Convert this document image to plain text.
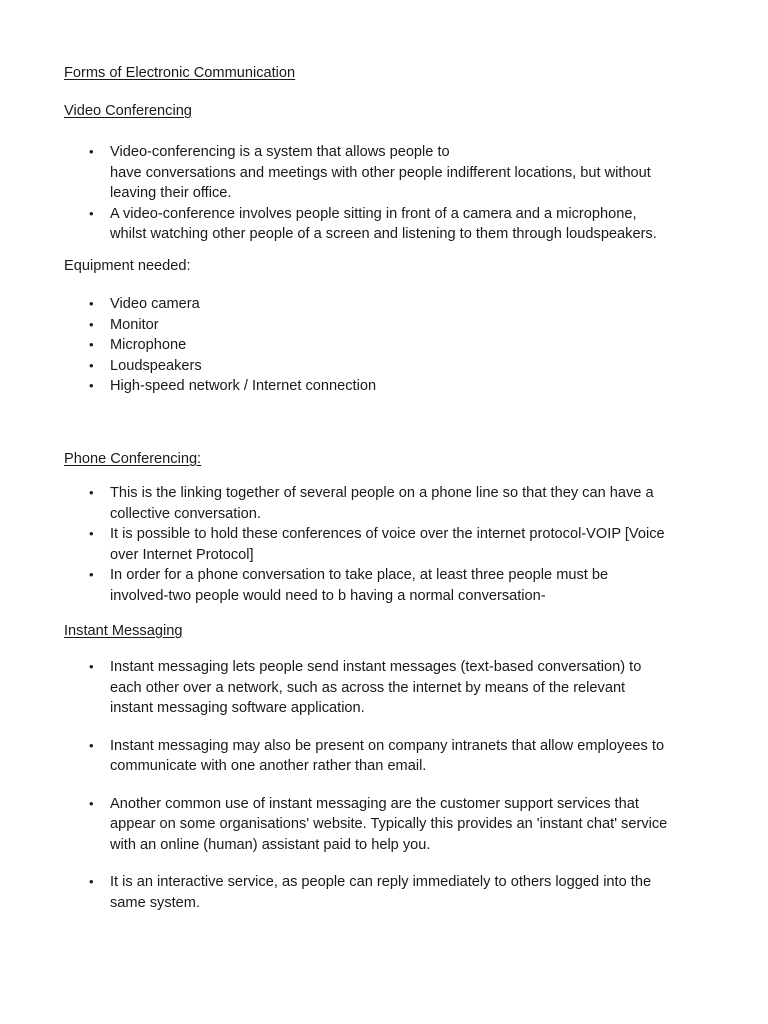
Forms of Electronic Communication

Video Conferencing

• Video-conferencing is a system that allows people to
have conversations and meetings with other people indifferent locations, but without
leaving their office.
• A video-conference involves people sitting in front of a camera and a microphone,
whilst watching other people of a screen and listening to them through loudspeakers.

Equipment needed:

• Video camera
• Monitor
• Microphone
• Loudspeakers
• High-speed network / Internet connection

Phone Conferencing:

• This is the linking together of several people on a phone line so that they can have a
collective conversation.
• It is possible to hold these conferences of voice over the internet protocol-VOIP [Voice
over Internet Protocol]
• In order for a phone conversation to take place, at least three people must be
involved-two people would need to b having a normal conversation-

Instant Messaging

• Instant messaging lets people send instant messages (text-based conversation) to
each other over a network, such as across the internet by means of the relevant
instant messaging software application.
• Instant messaging may also be present on company intranets that allow employees to
communicate with one another rather than email.
• Another common use of instant messaging are the customer support services that
appear on some organisations' website. Typically this provides an 'instant chat' service
with an online (human) assistant paid to help you.
• It is an interactive service, as people can reply immediately to others logged into the
same system.
